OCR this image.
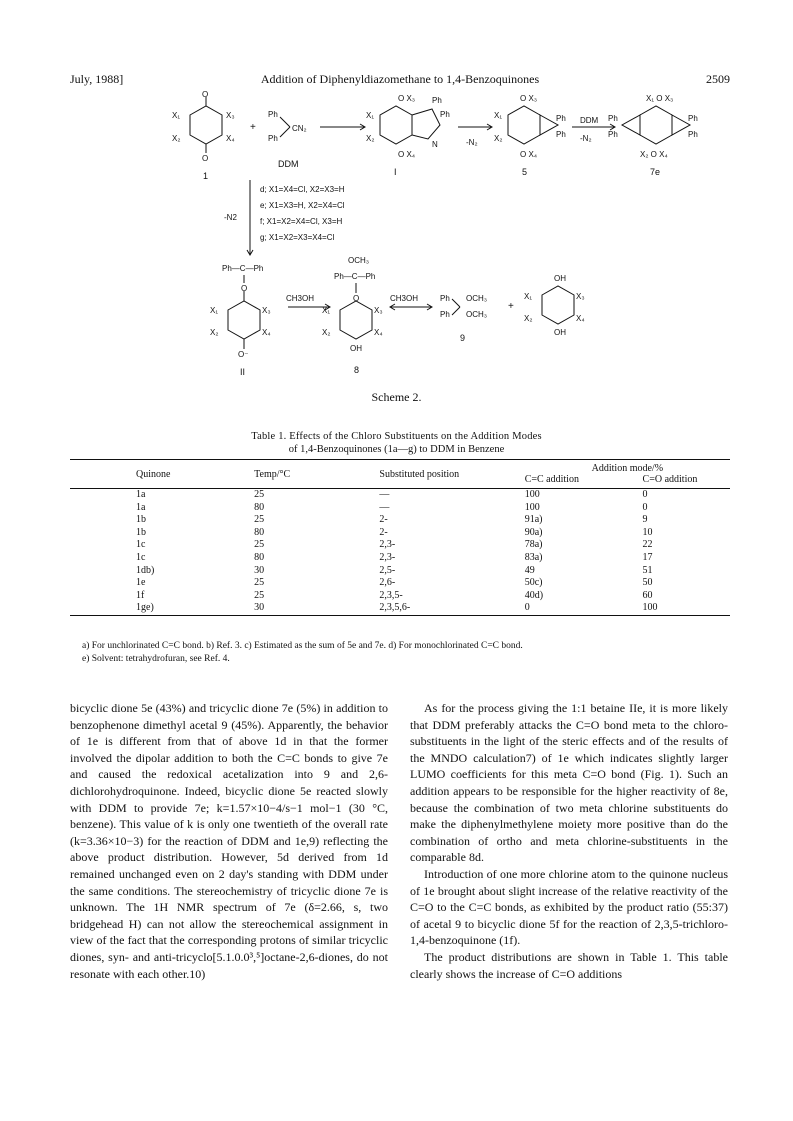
July, 1988]	Addition of Diphenyldiazomethane to 1,4-Benzoquinones	2509
O
O
X₁
X₂
X₃
X₄
+
Ph
Ph
CN₂
X₁
X₂
O X₃
O X₄
Ph
Ph
N	-N₂
X₁
X₂
O X₃
O X₄
Ph
Ph
DDM
-N₂
X₁ O X₃
X₂ O X₄
Ph
Ph
Ph
Ph
Ph—C—Ph
O
X₁
X₂
X₃
X₄
O⁻
OCH₃
Ph—C—Ph
O
X₁
X₂
X₃
X₄
OH
Ph
Ph
OCH₃
OCH₃
+
OH
OH
X₁
X₂
X₃
X₄
1
DDM
I	5	7e
-N2
d; X1=X4=Cl, X2=X3=H
e; X1=X3=H, X2=X4=Cl
f; X1=X2=X4=Cl, X3=H
g; X1=X2=X3=X4=Cl
CH3OH	CH3OH
II	8
9
Scheme 2.
Table 1. Effects of the Chloro Substituents on the Addition Modes
of 1,4-Benzoquinones (1a—g) to DDM in Benzene
Quinone	Temp/°C	Substituted position	Addition mode/%	
			C=C addition	C=O addition
1a	25	—	100	0
1a	80	—	100	0
1b	25	2-	91a)	9
1b	80	2-	90a)	10
1c	25	2,3-	78a)	22
1c	80	2,3-	83a)	17
1db)	30	2,5-	49	51
1e	25	2,6-	50c)	50
1f	25	2,3,5-	40d)	60
1ge)	30	2,3,5,6-	0	100
a) For unchlorinated C=C bond. b) Ref. 3. c) Estimated as the sum of 5e and 7e. d) For monochlorinated C=C bond.
e) Solvent: tetrahydrofuran, see Ref. 4.

bicyclic dione 5e (43%) and tricyclic dione 7e (5%) in addition to benzophenone dimethyl acetal 9 (45%). Apparently, the behavior of 1e is different from that of above 1d in that the former involved the dipolar addition to both the C=C bonds to give 7e and caused the redoxical acetalization into 9 and 2,6-dichlorohydroquinone. Indeed, bicyclic dione 5e reacted slowly with DDM to provide 7e; k=1.57×10−4/s−1 mol−1 (30 °C, benzene). This value of k is only one twentieth of the overall rate (k=3.36×10−3) for the reaction of DDM and 1e,9) reflecting the above product distribution. However, 5d derived from 1d remained unchanged even on 2 day's standing with DDM under the same conditions. The stereochemistry of tricyclic dione 7e is unknown. The 1H NMR spectrum of 7e (δ=2.66, s, two bridgehead H) can not allow the stereochemical assignment in view of the fact that the corresponding protons of similar tricyclic diones, syn- and anti-tricyclo[5.1.0.0³,⁵]octane-2,6-diones, do not resonate with each other.10)

As for the process giving the 1:1 betaine IIe, it is more likely that DDM preferably attacks the C=O bond meta to the chloro-substituents in the light of the steric effects and of the results of the MNDO calculation7) of 1e which indicates slightly larger LUMO coefficients for this meta C=O bond (Fig. 1). Such an addition appears to be responsible for the higher reactivity of 8e, because the combination of two meta chlorine substituents do make the diphenylmethylene moiety more positive than do the combination of ortho and meta chlorine-substituents in the comparable 8d.

Introduction of one more chlorine atom to the quinone nucleus of 1e brought about slight increase of the relative reactivity of the C=O to the C=C bonds, as exhibited by the product ratio (55:37) of acetal 9 to bicyclic dione 5f for the reaction of 2,3,5-trichloro-1,4-benzoquinone (1f).

The product distributions are shown in Table 1. This table clearly shows the increase of C=O additions
